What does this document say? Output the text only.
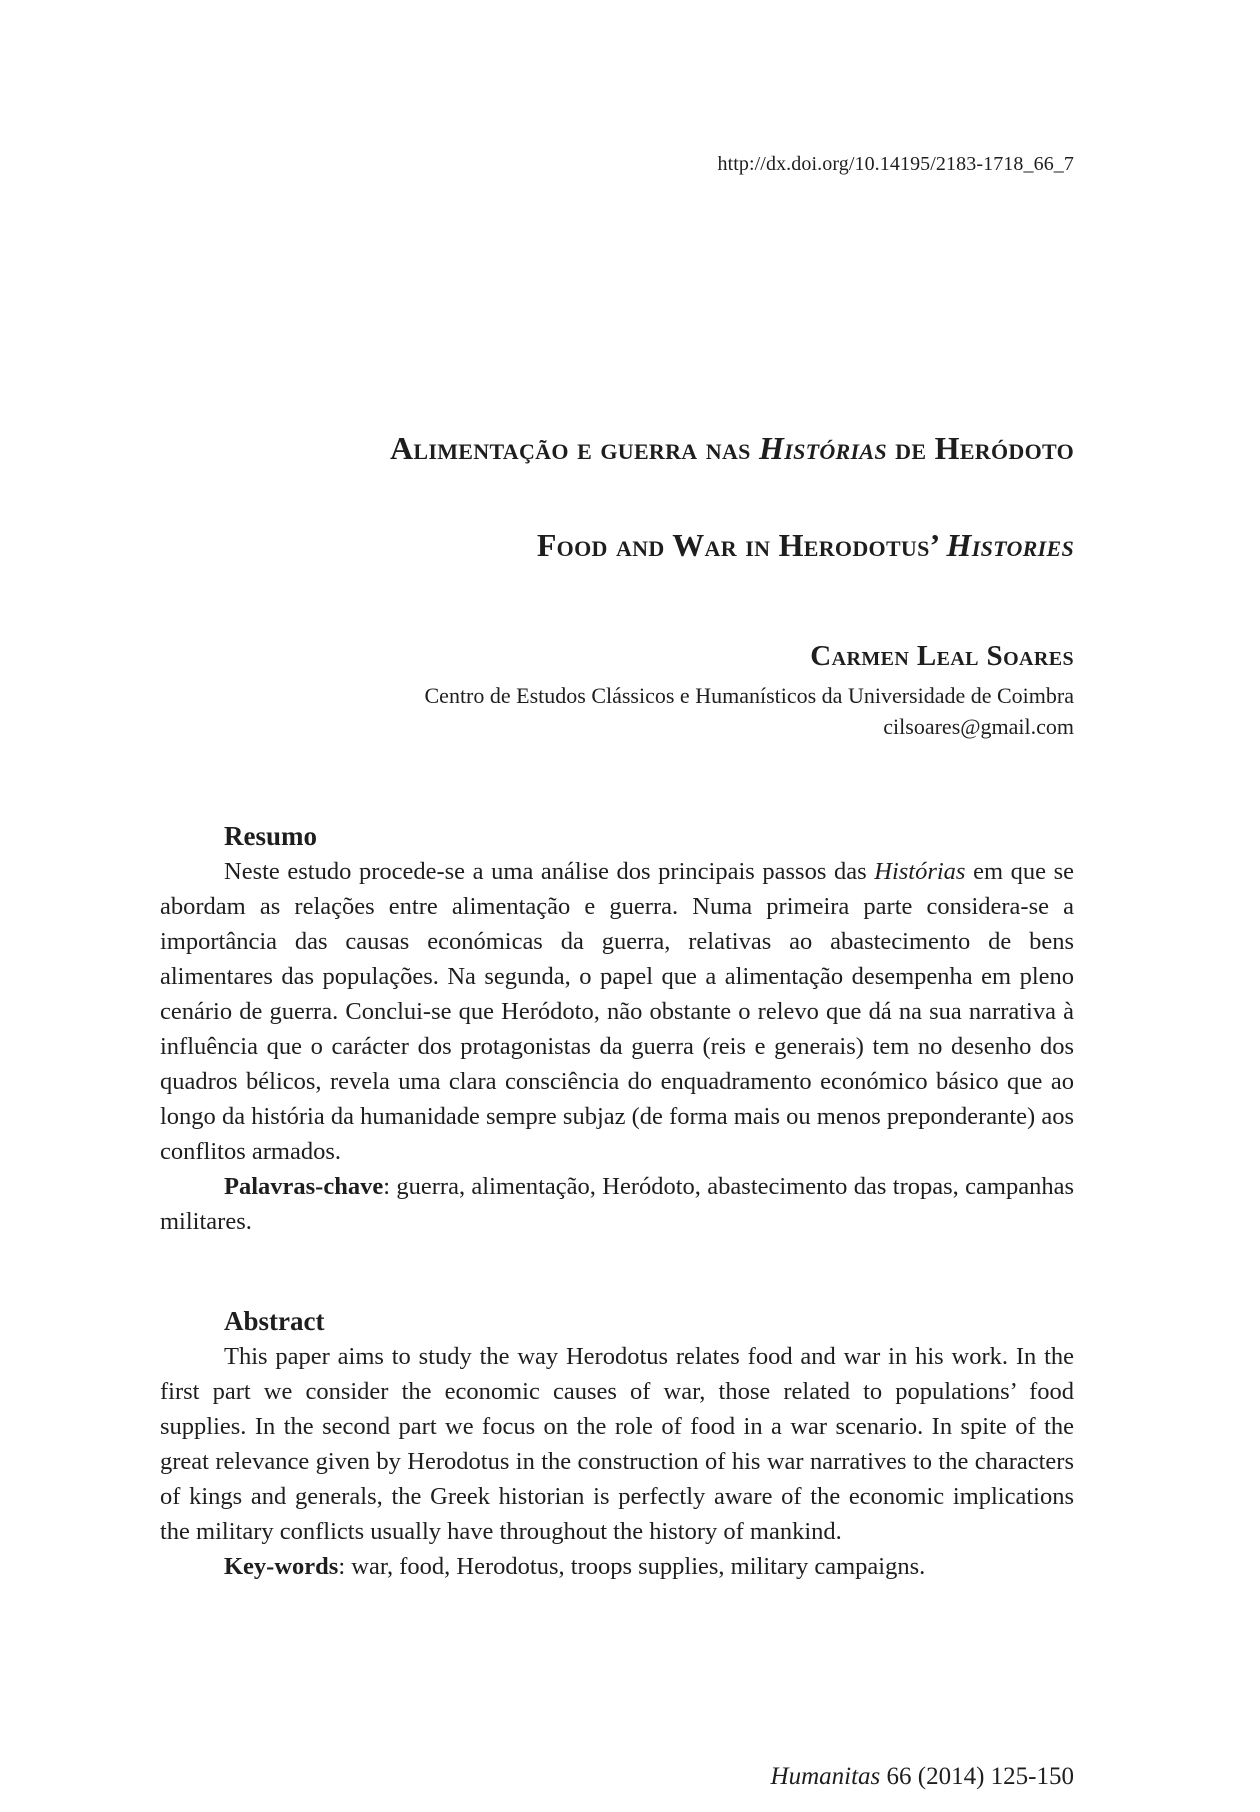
http://dx.doi.org/10.14195/2183-1718_66_7
Alimentação e guerra nas Histórias de Heródoto
Food and War in Herodotus’ Histories
Carmen Leal Soares
Centro de Estudos Clássicos e Humanísticos da Universidade de Coimbra
cilsoares@gmail.com
Resumo

Neste estudo procede-se a uma análise dos principais passos das Histórias em que se abordam as relações entre alimentação e guerra. Numa primeira parte considera-se a importância das causas económicas da guerra, relativas ao abastecimento de bens alimentares das populações. Na segunda, o papel que a alimentação desempenha em pleno cenário de guerra. Conclui-se que Heródoto, não obstante o relevo que dá na sua narrativa à influência que o carácter dos protagonistas da guerra (reis e generais) tem no desenho dos quadros bélicos, revela uma clara consciência do enquadramento económico básico que ao longo da história da humanidade sempre subjaz (de forma mais ou menos preponderante) aos conflitos armados.

Palavras-chave: guerra, alimentação, Heródoto, abastecimento das tropas, campanhas militares.

Abstract

This paper aims to study the way Herodotus relates food and war in his work. In the first part we consider the economic causes of war, those related to populations’ food supplies. In the second part we focus on the role of food in a war scenario. In spite of the great relevance given by Herodotus in the construction of his war narratives to the characters of kings and generals, the Greek historian is perfectly aware of the economic implications the military conflicts usually have throughout the history of mankind.

Key-words: war, food, Herodotus, troops supplies, military campaigns.

Humanitas 66 (2014) 125-150
